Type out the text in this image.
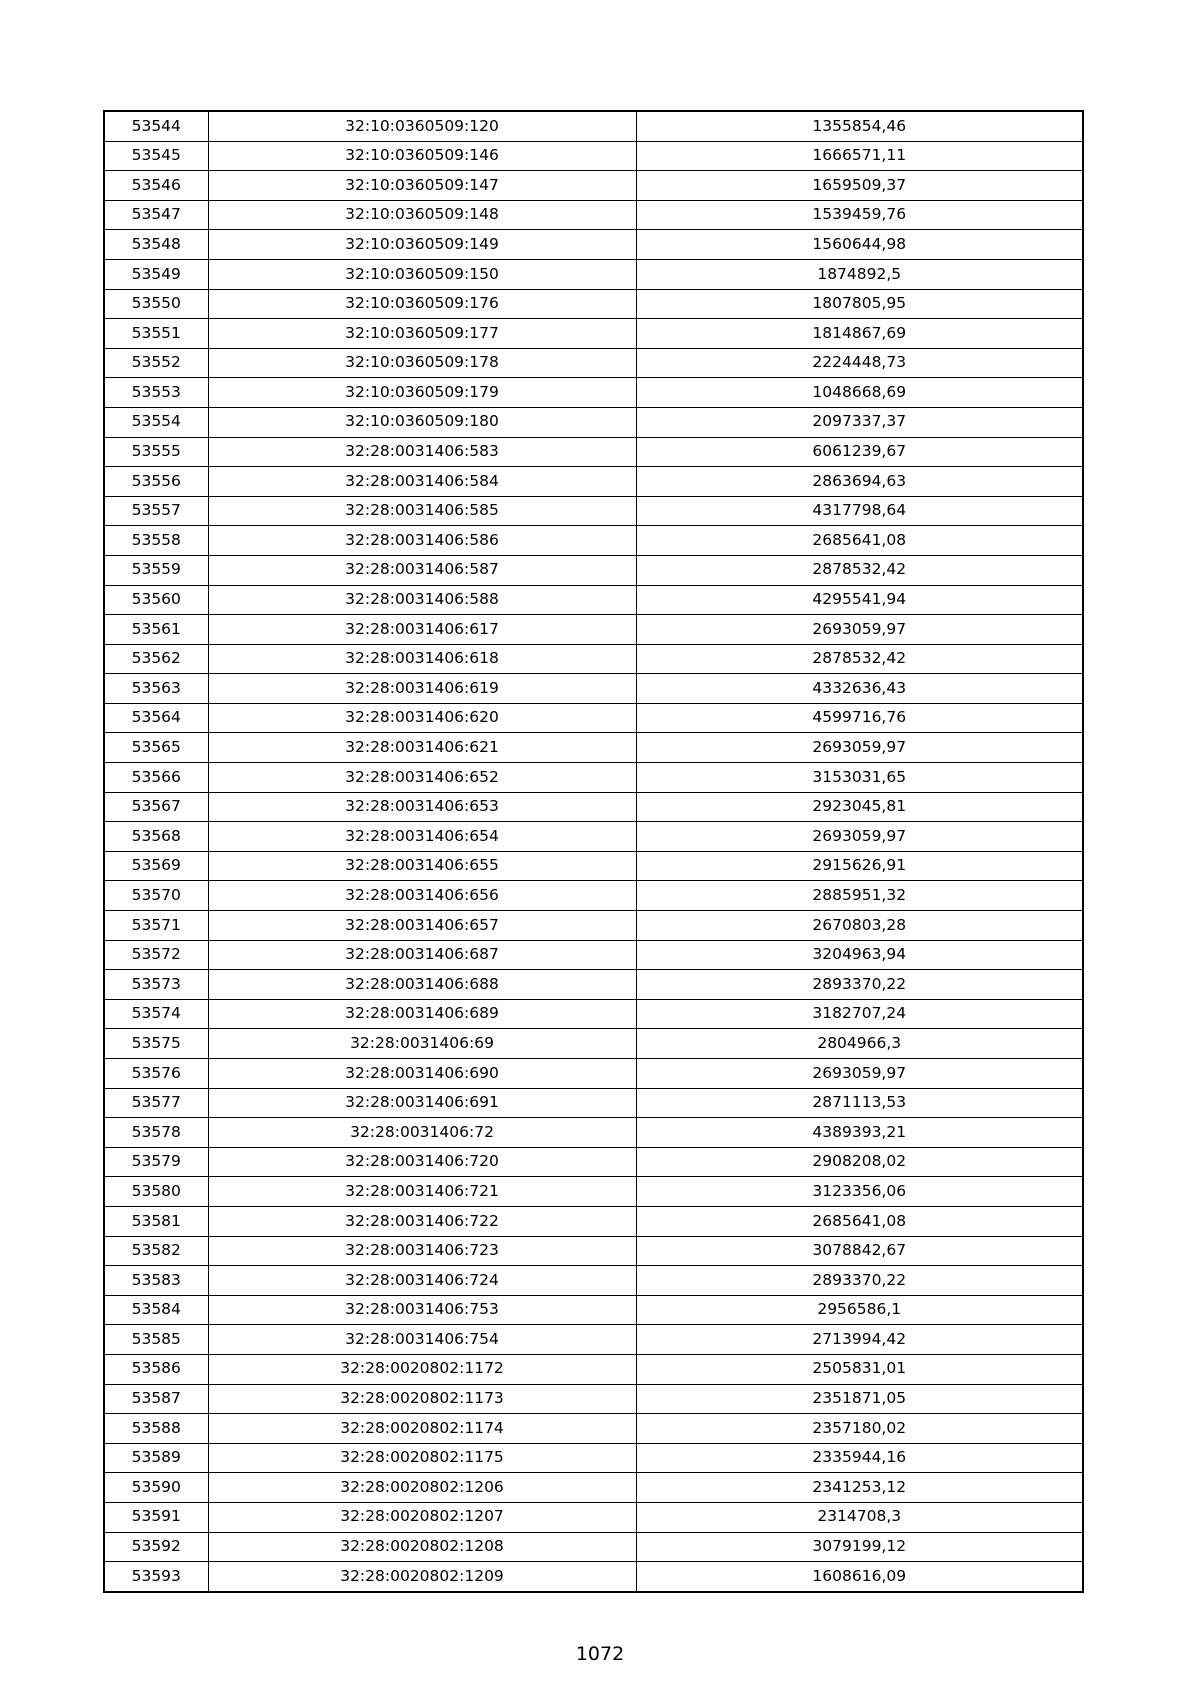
53544	32:10:0360509:120	1355854,46
53545	32:10:0360509:146	1666571,11
53546	32:10:0360509:147	1659509,37
53547	32:10:0360509:148	1539459,76
53548	32:10:0360509:149	1560644,98
53549	32:10:0360509:150	1874892,5
53550	32:10:0360509:176	1807805,95
53551	32:10:0360509:177	1814867,69
53552	32:10:0360509:178	2224448,73
53553	32:10:0360509:179	1048668,69
53554	32:10:0360509:180	2097337,37
53555	32:28:0031406:583	6061239,67
53556	32:28:0031406:584	2863694,63
53557	32:28:0031406:585	4317798,64
53558	32:28:0031406:586	2685641,08
53559	32:28:0031406:587	2878532,42
53560	32:28:0031406:588	4295541,94
53561	32:28:0031406:617	2693059,97
53562	32:28:0031406:618	2878532,42
53563	32:28:0031406:619	4332636,43
53564	32:28:0031406:620	4599716,76
53565	32:28:0031406:621	2693059,97
53566	32:28:0031406:652	3153031,65
53567	32:28:0031406:653	2923045,81
53568	32:28:0031406:654	2693059,97
53569	32:28:0031406:655	2915626,91
53570	32:28:0031406:656	2885951,32
53571	32:28:0031406:657	2670803,28
53572	32:28:0031406:687	3204963,94
53573	32:28:0031406:688	2893370,22
53574	32:28:0031406:689	3182707,24
53575	32:28:0031406:69	2804966,3
53576	32:28:0031406:690	2693059,97
53577	32:28:0031406:691	2871113,53
53578	32:28:0031406:72	4389393,21
53579	32:28:0031406:720	2908208,02
53580	32:28:0031406:721	3123356,06
53581	32:28:0031406:722	2685641,08
53582	32:28:0031406:723	3078842,67
53583	32:28:0031406:724	2893370,22
53584	32:28:0031406:753	2956586,1
53585	32:28:0031406:754	2713994,42
53586	32:28:0020802:1172	2505831,01
53587	32:28:0020802:1173	2351871,05
53588	32:28:0020802:1174	2357180,02
53589	32:28:0020802:1175	2335944,16
53590	32:28:0020802:1206	2341253,12
53591	32:28:0020802:1207	2314708,3
53592	32:28:0020802:1208	3079199,12
53593	32:28:0020802:1209	1608616,09
1072
